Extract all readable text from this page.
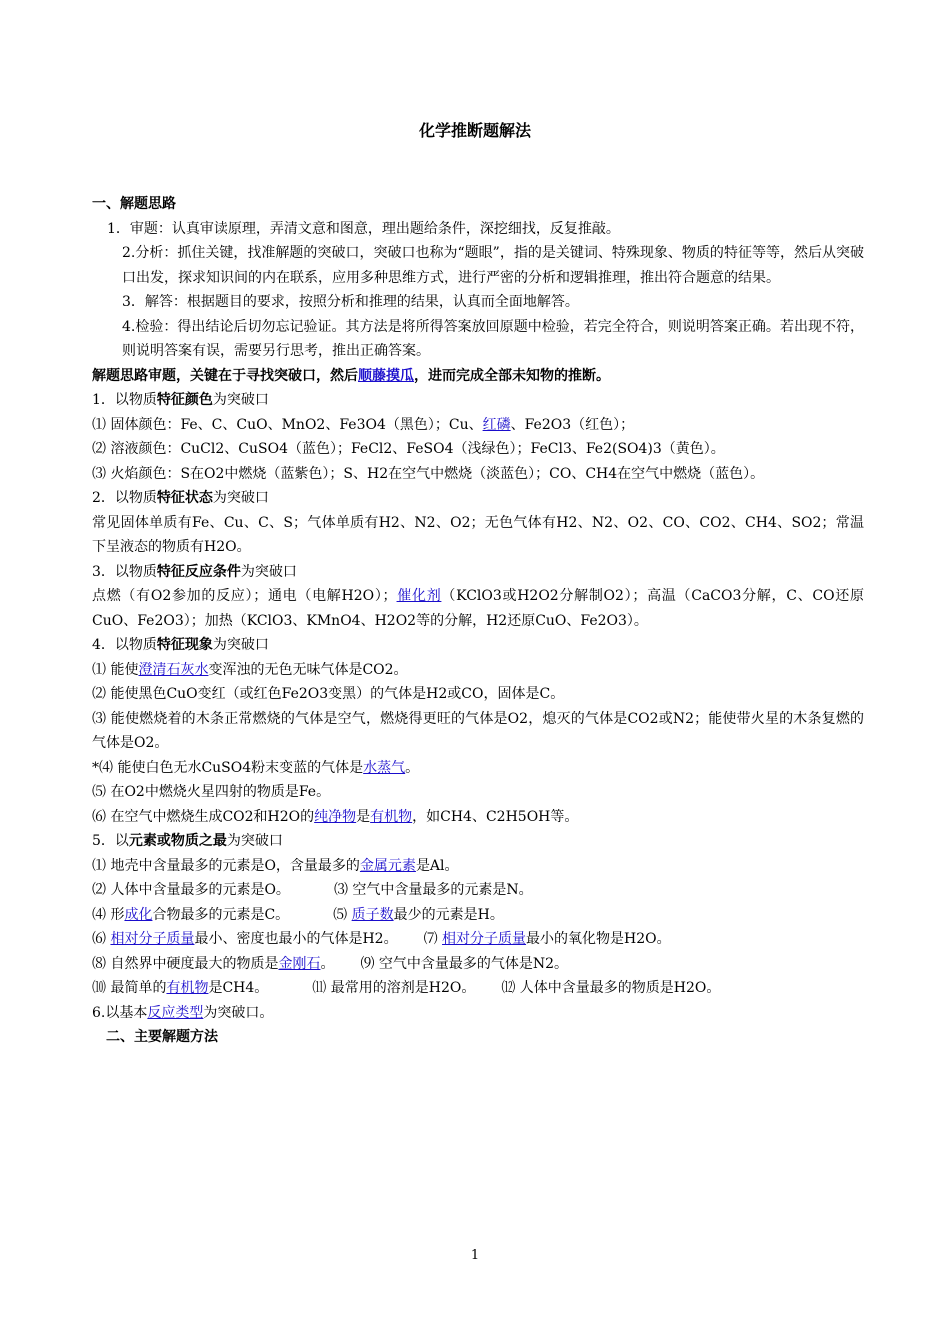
化学推断题解法

一、解题思路

1．审题：认真审读原理，弄清文意和图意，理出题给条件，深挖细找，反复推敲。

2.分析：抓住关键，找准解题的突破口，突破口也称为“题眼”，指的是关键词、特殊现象、物质的特征等等，然后从突破口出发，探求知识间的内在联系，应用多种思维方式，进行严密的分析和逻辑推理，推出符合题意的结果。

3．解答：根据题目的要求，按照分析和推理的结果，认真而全面地解答。

4.检验：得出结论后切勿忘记验证。其方法是将所得答案放回原题中检验，若完全符合，则说明答案正确。若出现不符，则说明答案有误，需要另行思考，推出正确答案。

解题思路审题，关键在于寻找突破口，然后顺藤摸瓜，进而完成全部未知物的推断。

1．以物质特征颜色为突破口

⑴ 固体颜色：Fe、C、CuO、MnO2、Fe3O4（黑色）；Cu、红磷、Fe2O3（红色）；

⑵ 溶液颜色：CuCl2、CuSO4（蓝色）；FeCl2、FeSO4（浅绿色）；FeCl3、Fe2(SO4)3（黄色）。

⑶ 火焰颜色：S在O2中燃烧（蓝紫色）；S、H2在空气中燃烧（淡蓝色）；CO、CH4在空气中燃烧（蓝色）。

2．以物质特征状态为突破口

常见固体单质有Fe、Cu、C、S；气体单质有H2、N2、O2；无色气体有H2、N2、O2、CO、CO2、CH4、SO2；常温下呈液态的物质有H2O。

3．以物质特征反应条件为突破口

点燃（有O2参加的反应）；通电（电解H2O）；催化剂（KClO3或H2O2分解制O2）；高温（CaCO3分解，C、CO还原CuO、Fe2O3）；加热（KClO3、KMnO4、H2O2等的分解，H2还原CuO、Fe2O3）。

4．以物质特征现象为突破口

⑴ 能使澄清石灰水变浑浊的无色无味气体是CO2。

⑵ 能使黑色CuO变红（或红色Fe2O3变黑）的气体是H2或CO，固体是C。

⑶ 能使燃烧着的木条正常燃烧的气体是空气，燃烧得更旺的气体是O2，熄灭的气体是CO2或N2；能使带火星的木条复燃的气体是O2。

*⑷ 能使白色无水CuSO4粉末变蓝的气体是水蒸气。

⑸ 在O2中燃烧火星四射的物质是Fe。

⑹ 在空气中燃烧生成CO2和H2O的纯净物是有机物，如CH4、C2H5OH等。

5．以元素或物质之最为突破口

⑴ 地壳中含量最多的元素是O，含量最多的金属元素是Al。

⑵ 人体中含量最多的元素是O。	⑶ 空气中含量最多的元素是N。

⑷ 形成化合物最多的元素是C。	⑸ 质子数最少的元素是H。

⑹ 相对分子质量最小、密度也最小的气体是H2。 ⑺ 相对分子质量最小的氧化物是H2O。

⑻ 自然界中硬度最大的物质是金刚石。 ⑼ 空气中含量最多的气体是N2。

⑽ 最简单的有机物是CH4。	⑾ 最常用的溶剂是H2O。 ⑿ 人体中含量最多的物质是H2O。

6.以基本反应类型为突破口。

二、主要解题方法

1
